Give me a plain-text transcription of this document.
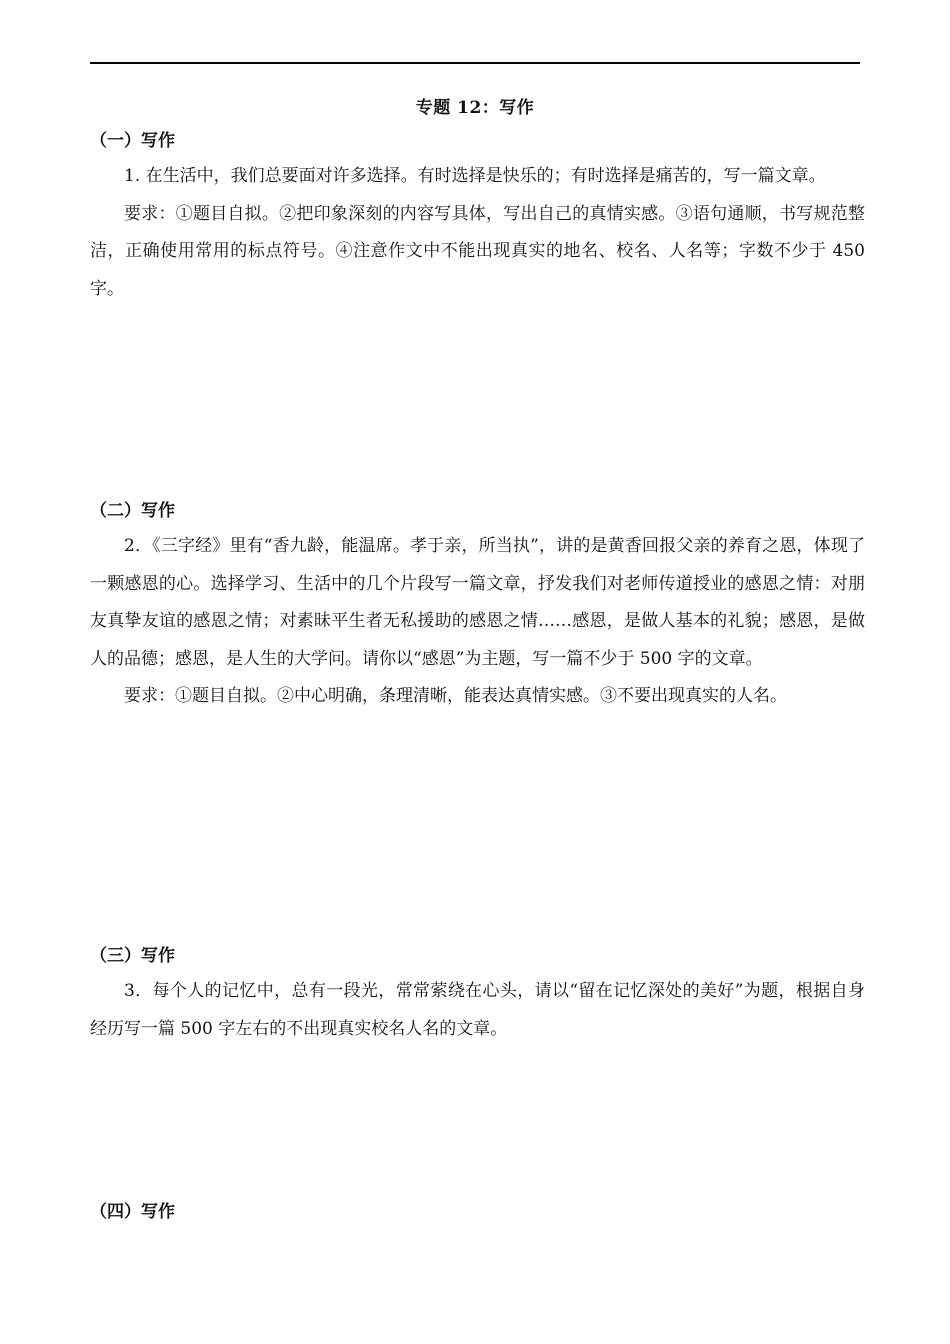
专题 12：写作

（一）写作

1. 在生活中，我们总要面对许多选择。有时选择是快乐的；有时选择是痛苦的，写一篇文章。

要求：①题目自拟。②把印象深刻的内容写具体，写出自己的真情实感。③语句通顺，书写规范整洁，正确使用常用的标点符号。④注意作文中不能出现真实的地名、校名、人名等；字数不少于 450 字。

（二）写作

2．《三字经》里有“香九龄，能温席。孝于亲，所当执”，讲的是黄香回报父亲的养育之恩，体现了一颗感恩的心。选择学习、生活中的几个片段写一篇文章，抒发我们对老师传道授业的感恩之情：对朋友真挚友谊的感恩之情；对素昧平生者无私援助的感恩之情……感恩，是做人基本的礼貌；感恩，是做人的品德；感恩，是人生的大学问。请你以“感恩”为主题，写一篇不少于 500 字的文章。

要求：①题目自拟。②中心明确，条理清晰，能表达真情实感。③不要出现真实的人名。

（三）写作

3．每个人的记忆中，总有一段光，常常萦绕在心头，请以“留在记忆深处的美好”为题，根据自身经历写一篇 500 字左右的不出现真实校名人名的文章。

（四）写作
